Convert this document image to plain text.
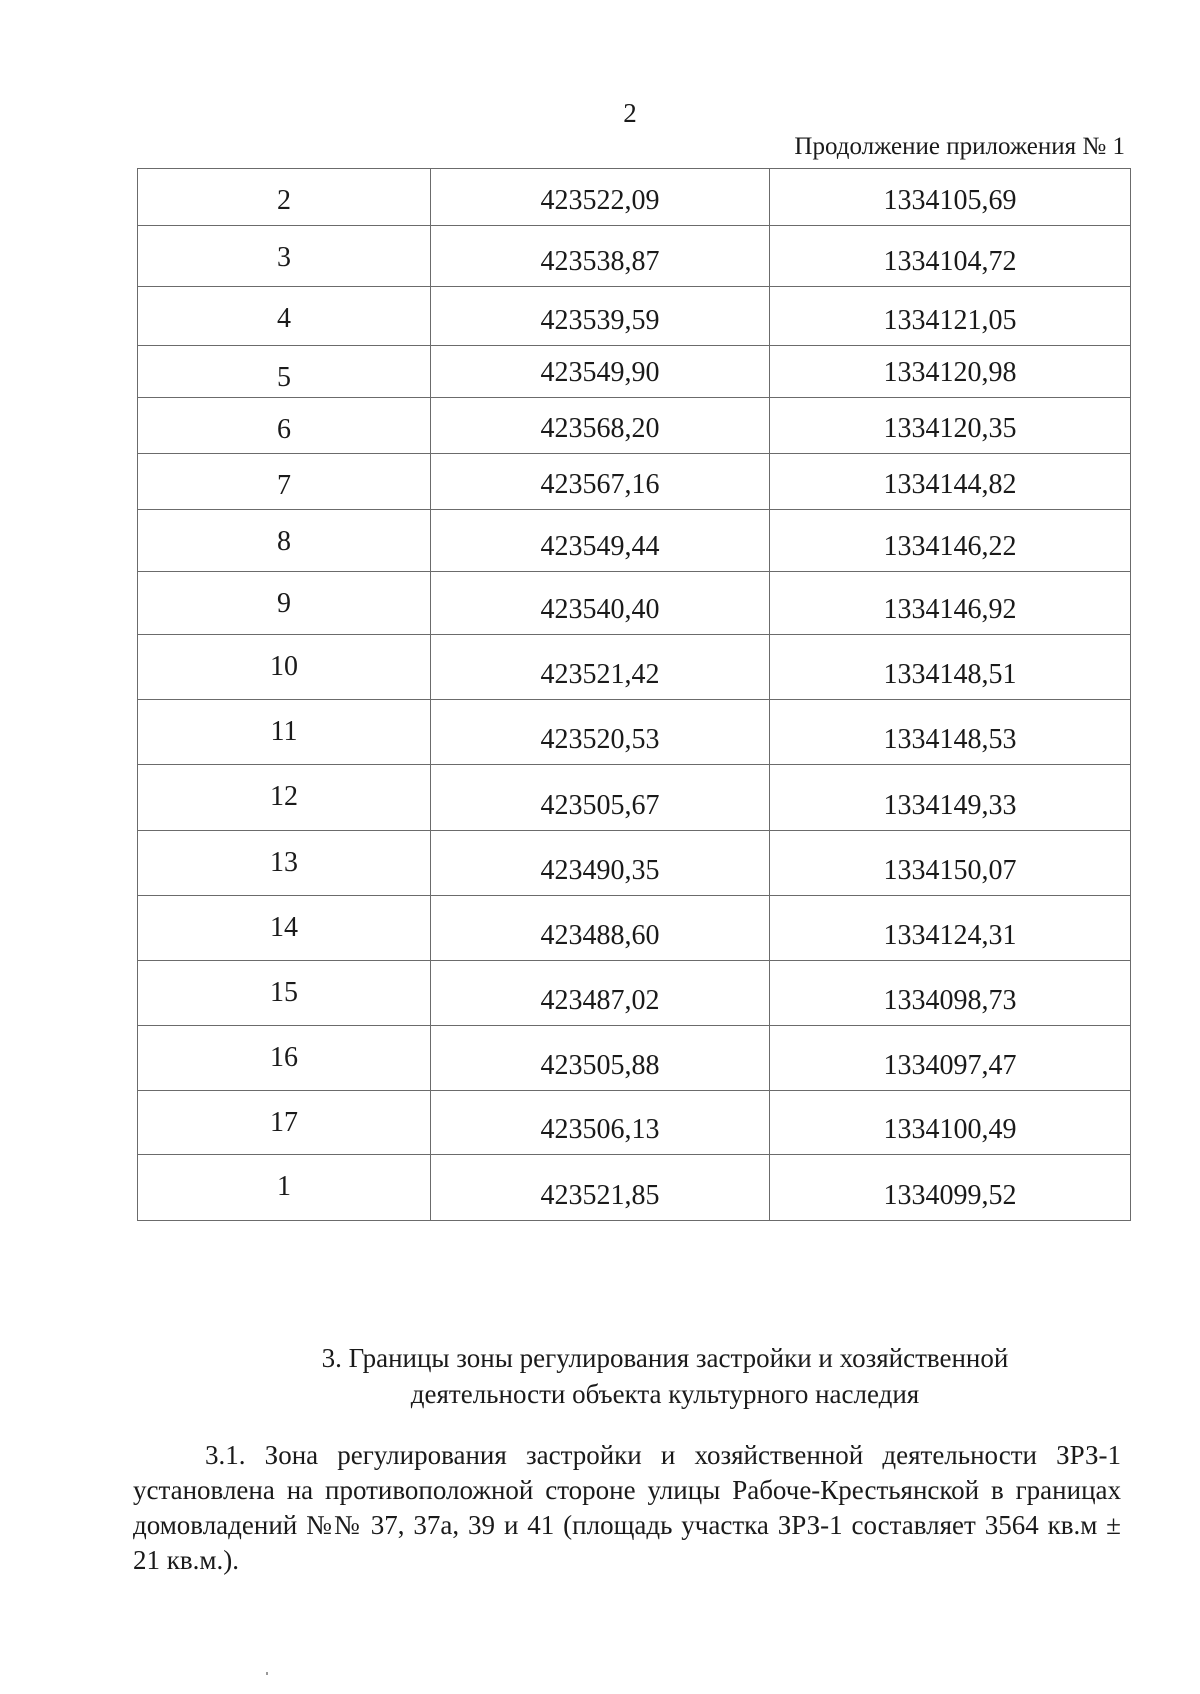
2
Продолжение приложения № 1
2	423522,09	1334105,69
3	423538,87	1334104,72
4	423539,59	1334121,05
5	423549,90	1334120,98
6	423568,20	1334120,35
7	423567,16	1334144,82
8	423549,44	1334146,22
9	423540,40	1334146,92
10	423521,42	1334148,51
11	423520,53	1334148,53
12	423505,67	1334149,33
13	423490,35	1334150,07
14	423488,60	1334124,31
15	423487,02	1334098,73
16	423505,88	1334097,47
17	423506,13	1334100,49
1	423521,85	1334099,52
3. Границы зоны регулирования застройки и хозяйственной
деятельности объекта культурного наследия
3.1. Зона регулирования застройки и хозяйственной деятельности ЗРЗ-1 установлена на противоположной стороне улицы Рабоче-Крестьянской в границах домовладений №№ 37, 37а, 39 и 41 (площадь участка ЗРЗ-1 составляет 3564 кв.м ± 21 кв.м.).
